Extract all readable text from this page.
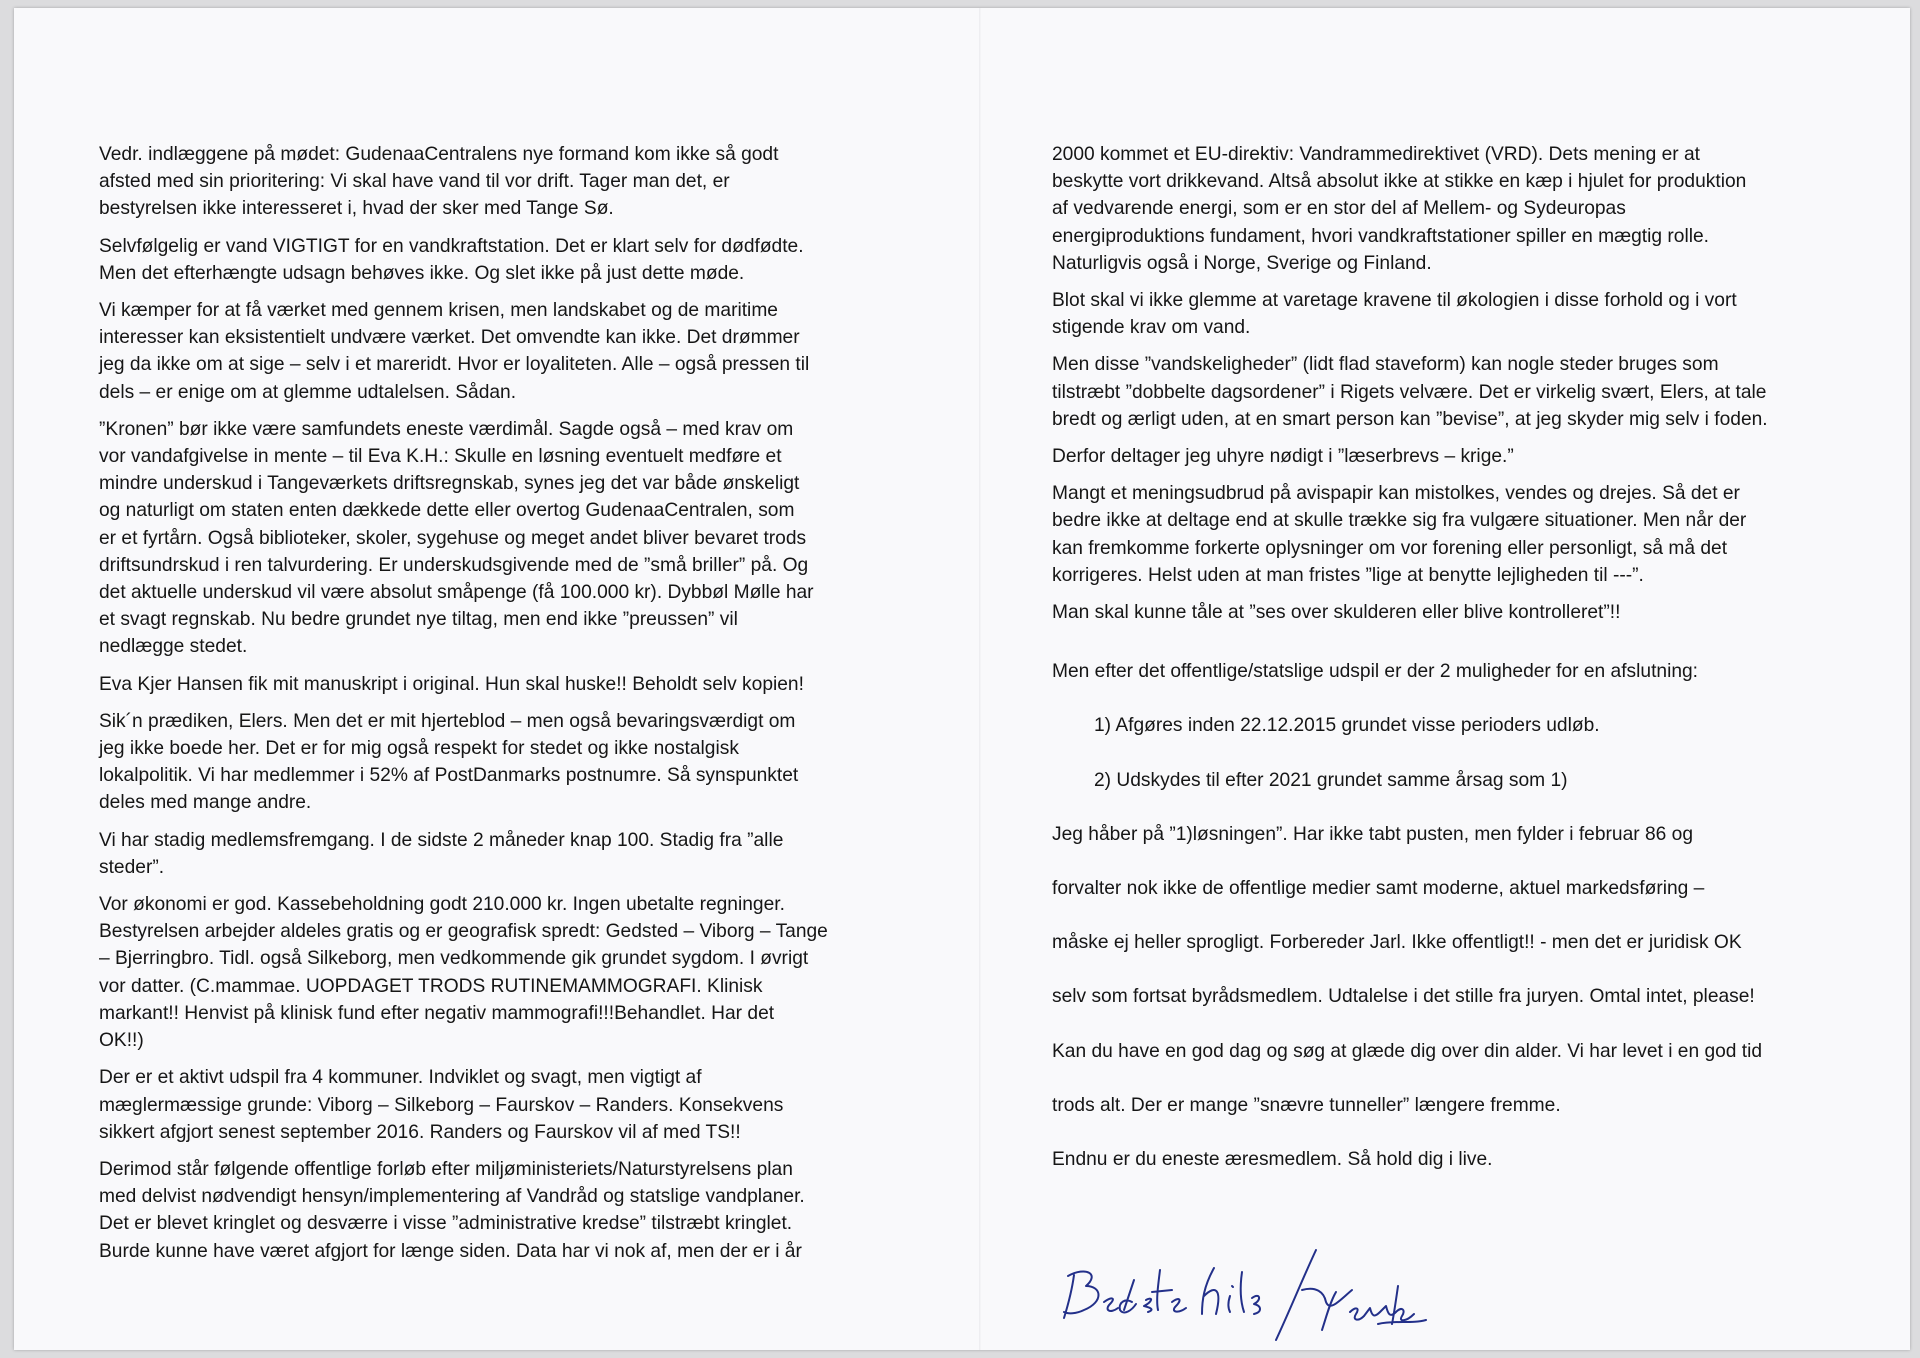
Vedr. indlæggene på mødet: GudenaaCentralens nye formand kom ikke så godt
afsted med sin prioritering: Vi skal have vand til vor drift. Tager man det, er
bestyrelsen ikke interesseret i, hvad der sker med Tange Sø.

Selvfølgelig er vand VIGTIGT for en vandkraftstation. Det er klart selv for dødfødte.
Men det efterhængte udsagn behøves ikke. Og slet ikke på just dette møde.

Vi kæmper for at få værket med gennem krisen, men landskabet og de maritime
interesser kan eksistentielt undvære værket. Det omvendte kan ikke. Det drømmer
jeg da ikke om at sige – selv i et mareridt. Hvor er loyaliteten. Alle – også pressen til
dels – er enige om at glemme udtalelsen. Sådan.

”Kronen” bør ikke være samfundets eneste værdimål. Sagde også – med krav om
vor vandafgivelse in mente – til Eva K.H.: Skulle en løsning eventuelt medføre et
mindre underskud i Tangeværkets driftsregnskab, synes jeg det var både ønskeligt
og naturligt om staten enten dækkede dette eller overtog GudenaaCentralen, som
er et fyrtårn. Også biblioteker, skoler, sygehuse og meget andet bliver bevaret trods
driftsundrskud i ren talvurdering. Er underskudsgivende med de ”små briller” på. Og
det aktuelle underskud vil være absolut småpenge (få 100.000 kr). Dybbøl Mølle har
et svagt regnskab. Nu bedre grundet nye tiltag, men end ikke ”preussen” vil
nedlægge stedet.

Eva Kjer Hansen fik mit manuskript i original. Hun skal huske!! Beholdt selv kopien!

Sik´n prædiken, Elers. Men det er mit hjerteblod – men også bevaringsværdigt om
jeg ikke boede her. Det er for mig også respekt for stedet og ikke nostalgisk
lokalpolitik. Vi har medlemmer i 52% af PostDanmarks postnumre. Så synspunktet
deles med mange andre.

Vi har stadig medlemsfremgang. I de sidste 2 måneder knap 100. Stadig fra ”alle
steder”.

Vor økonomi er god. Kassebeholdning godt 210.000 kr. Ingen ubetalte regninger.
Bestyrelsen arbejder aldeles gratis og er geografisk spredt: Gedsted – Viborg – Tange
– Bjerringbro. Tidl. også Silkeborg, men vedkommende gik grundet sygdom. I øvrigt
vor datter. (C.mammae. UOPDAGET TRODS RUTINEMAMMOGRAFI. Klinisk
markant!! Henvist på klinisk fund efter negativ mammografi!!!Behandlet. Har det
OK!!)

Der er et aktivt udspil fra 4 kommuner. Indviklet og svagt, men vigtigt af
mæglermæssige grunde: Viborg – Silkeborg – Faurskov – Randers. Konsekvens
sikkert afgjort senest september 2016. Randers og Faurskov vil af med TS!!

Derimod står følgende offentlige forløb efter miljøministeriets/Naturstyrelsens plan
med delvist nødvendigt hensyn/implementering af Vandråd og statslige vandplaner.
Det er blevet kringlet og desværre i visse ”administrative kredse” tilstræbt kringlet.
Burde kunne have været afgjort for længe siden. Data har vi nok af, men der er i år

2000 kommet et EU-direktiv: Vandrammedirektivet (VRD). Dets mening er at
beskytte vort drikkevand. Altså absolut ikke at stikke en kæp i hjulet for produktion
af vedvarende energi, som er en stor del af Mellem- og Sydeuropas
energiproduktions fundament, hvori vandkraftstationer spiller en mægtig rolle.
Naturligvis også i Norge, Sverige og Finland.

Blot skal vi ikke glemme at varetage kravene til økologien i disse forhold og i vort
stigende krav om vand.

Men disse ”vandskeligheder” (lidt flad staveform) kan nogle steder bruges som
tilstræbt ”dobbelte dagsordener” i Rigets velvære. Det er virkelig svært, Elers, at tale
bredt og ærligt uden, at en smart person kan ”bevise”, at jeg skyder mig selv i foden.

Derfor deltager jeg uhyre nødigt i ”læserbrevs – krige.”

Mangt et meningsudbrud på avispapir kan mistolkes, vendes og drejes. Så det er
bedre ikke at deltage end at skulle trække sig fra vulgære situationer. Men når der
kan fremkomme forkerte oplysninger om vor forening eller personligt, så må det
korrigeres. Helst uden at man fristes ”lige at benytte lejligheden til ---”.

Man skal kunne tåle at ”ses over skulderen eller blive kontrolleret”!!

Men efter det offentlige/statslige udspil er der 2 muligheder for en afslutning:

1) Afgøres inden 22.12.2015 grundet visse perioders udløb.

2) Udskydes til efter 2021 grundet samme årsag som 1)

Jeg håber på ”1)løsningen”. Har ikke tabt pusten, men fylder i februar 86 og

forvalter nok ikke de offentlige medier samt moderne, aktuel markedsføring –

måske ej heller sprogligt. Forbereder Jarl. Ikke offentligt!! - men det er juridisk OK

selv som fortsat byrådsmedlem. Udtalelse i det stille fra juryen. Omtal intet, please!

Kan du have en god dag og søg at glæde dig over din alder. Vi har levet i en god tid

trods alt. Der er mange ”snævre tunneller” længere fremme.

Endnu er du eneste æresmedlem. Så hold dig i live.
